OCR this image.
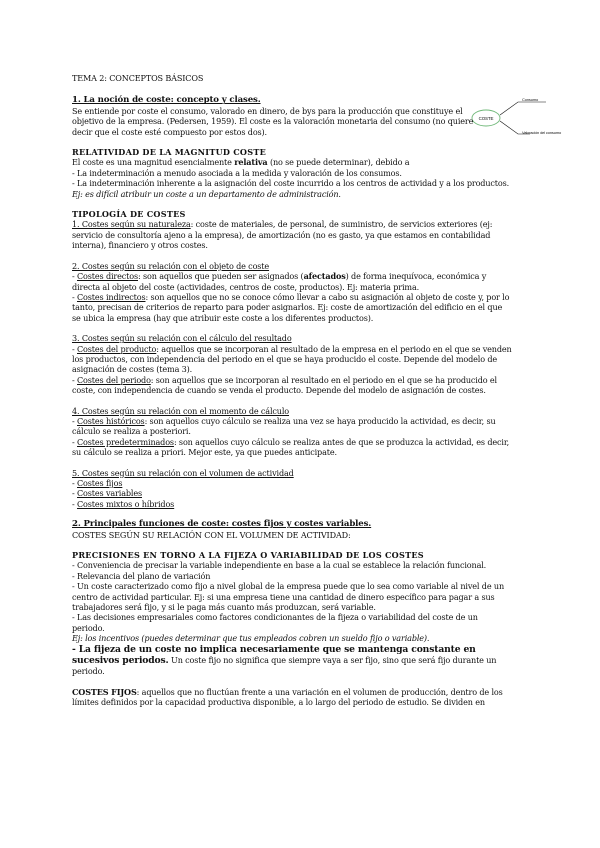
COSTE
Consumo
Valoración del consumo

TEMA 2: CONCEPTOS BÁSICOS

1. La noción de coste: concepto y clases.

Se entiende por coste el consumo, valorado en dinero, de bys para la producción que constituye el objetivo de la empresa. (Pedersen, 1959). El coste es la valoración monetaria del consumo (no quiere decir que el coste esté compuesto por estos dos).

RELATIVIDAD DE LA MAGNITUD COSTE

El coste es una magnitud esencialmente relativa (no se puede determinar), debido a

- La indeterminación a menudo asociada a la medida y valoración de los consumos.

- La indeterminación inherente a la asignación del coste incurrido a los centros de actividad y a los productos. Ej: es difícil atribuir un coste a un departamento de administración.

TIPOLOGÍA DE COSTES

1. Costes según su naturaleza: coste de materiales, de personal, de suministro, de servicios exteriores (ej: servicio de consultoría ajeno a la empresa), de amortización (no es gasto, ya que estamos en contabilidad interna), financiero y otros costes.

2. Costes según su relación con el objeto de coste

- Costes directos: son aquellos que pueden ser asignados (afectados) de forma inequívoca, económica y directa al objeto del coste (actividades, centros de coste, productos). Ej: materia prima.

- Costes indirectos: son aquellos que no se conoce cómo llevar a cabo su asignación al objeto de coste y, por lo tanto, precisan de criterios de reparto para poder asignarlos. Ej: coste de amortización del edificio en el que se ubica la empresa (hay que atribuir este coste a los diferentes productos).

3. Costes según su relación con el cálculo del resultado

- Costes del producto: aquellos que se incorporan al resultado de la empresa en el periodo en el que se venden los productos, con independencia del periodo en el que se haya producido el coste. Depende del modelo de asignación de costes (tema 3).

- Costes del periodo: son aquellos que se incorporan al resultado en el periodo en el que se ha producido el coste, con independencia de cuando se venda el producto. Depende del modelo de asignación de costes.

4. Costes según su relación con el momento de cálculo

- Costes históricos: son aquellos cuyo cálculo se realiza una vez se haya producido la actividad, es decir, su cálculo se realiza a posteriori.

- Costes predeterminados: son aquellos cuyo cálculo se realiza antes de que se produzca la actividad, es decir, su cálculo se realiza a priori. Mejor este, ya que puedes anticipate.

5. Costes según su relación con el volumen de actividad

- Costes fijos

- Costes variables

- Costes mixtos o híbridos

2. Principales funciones de coste: costes fijos y costes variables.

COSTES SEGÚN SU RELACIÓN CON EL VOLUMEN DE ACTIVIDAD:

PRECISIONES EN TORNO A LA FIJEZA O VARIABILIDAD DE LOS COSTES

- Conveniencia de precisar la variable independiente en base a la cual se establece la relación funcional.

- Relevancia del plano de variación

- Un coste caracterizado como fijo a nivel global de la empresa puede que lo sea como variable al nivel de un centro de actividad particular. Ej: si una empresa tiene una cantidad de dinero específico para pagar a sus trabajadores será fijo, y si le paga más cuanto más produzcan, será variable.

- Las decisiones empresariales como factores condicionantes de la fijeza o variabilidad del coste de un periodo.

Ej: los incentivos (puedes determinar que tus empleados cobren un sueldo fijo o variable).

- La fijeza de un coste no implica necesariamente que se mantenga constante en sucesivos periodos. Un coste fijo no significa que siempre vaya a ser fijo, sino que será fijo durante un periodo.

COSTES FIJOS: aquellos que no fluctúan frente a una variación en el volumen de producción, dentro de los límites definidos por la capacidad productiva disponible, a lo largo del periodo de estudio. Se dividen en
